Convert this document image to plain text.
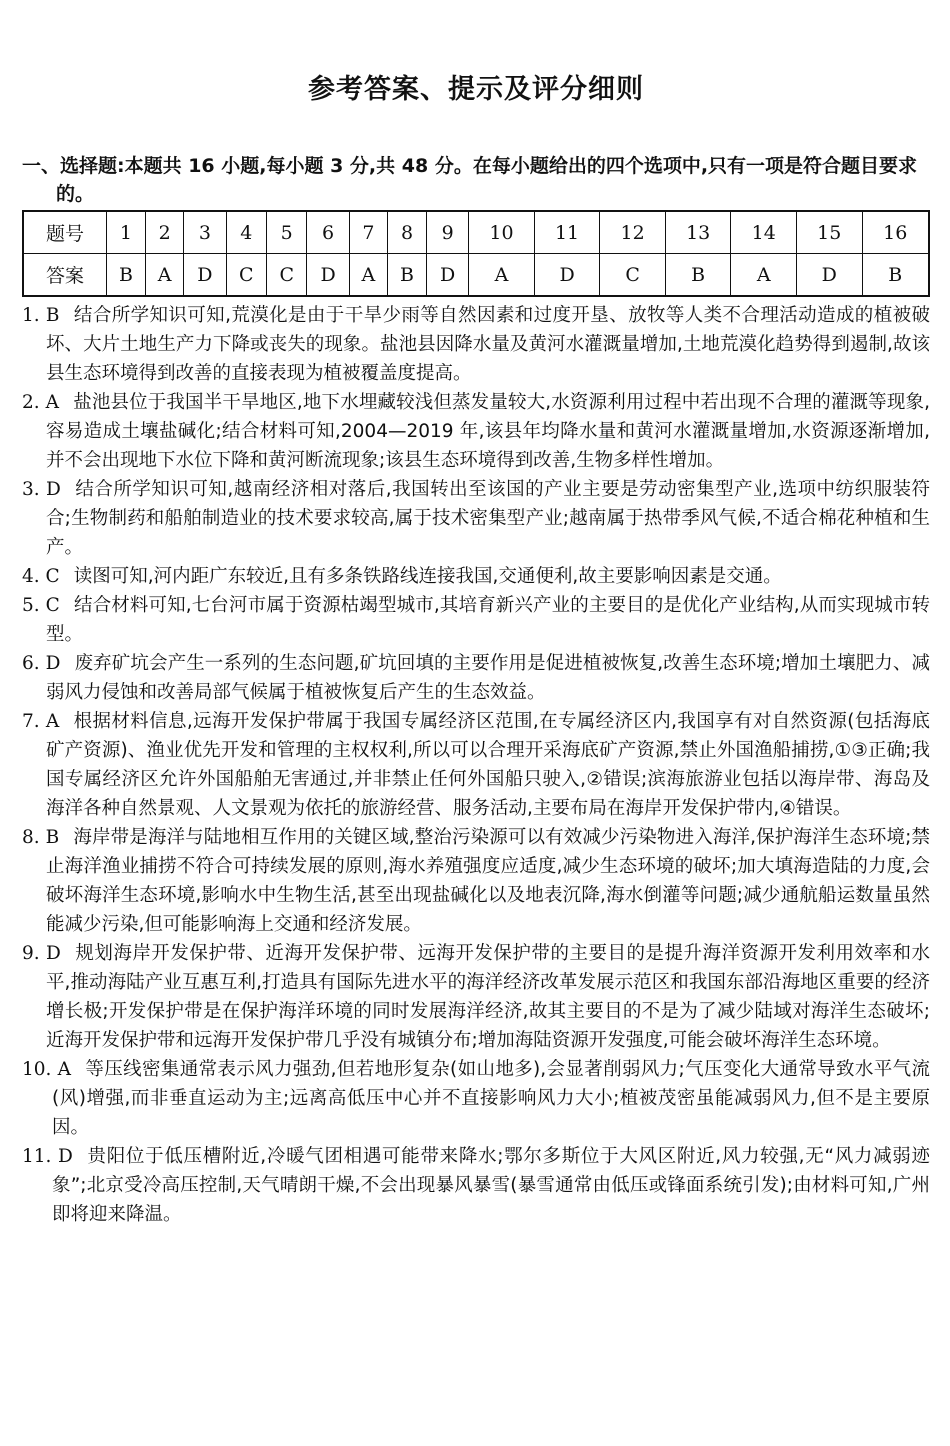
参考答案、提示及评分细则
一、选择题:本题共 16 小题,每小题 3 分,共 48 分。在每小题给出的四个选项中,只有一项是符合题目要求的。
题号	1	2	3	4	5	6	7	8	9	10	11	12	13	14	15	16
答案	B	A	D	C	C	D	A	B	D	A	D	C	B	A	D	B
1. B 结合所学知识可知,荒漠化是由于干旱少雨等自然因素和过度开垦、放牧等人类不合理活动造成的植被破坏、大片土地生产力下降或丧失的现象。盐池县因降水量及黄河水灌溉量增加,土地荒漠化趋势得到遏制,故该县生态环境得到改善的直接表现为植被覆盖度提高。
2. A 盐池县位于我国半干旱地区,地下水埋藏较浅但蒸发量较大,水资源利用过程中若出现不合理的灌溉等现象,容易造成土壤盐碱化;结合材料可知,2004—2019 年,该县年均降水量和黄河水灌溉量增加,水资源逐渐增加,并不会出现地下水位下降和黄河断流现象;该县生态环境得到改善,生物多样性增加。
3. D 结合所学知识可知,越南经济相对落后,我国转出至该国的产业主要是劳动密集型产业,选项中纺织服装符合;生物制药和船舶制造业的技术要求较高,属于技术密集型产业;越南属于热带季风气候,不适合棉花种植和生产。
4. C 读图可知,河内距广东较近,且有多条铁路线连接我国,交通便利,故主要影响因素是交通。
5. C 结合材料可知,七台河市属于资源枯竭型城市,其培育新兴产业的主要目的是优化产业结构,从而实现城市转型。
6. D 废弃矿坑会产生一系列的生态问题,矿坑回填的主要作用是促进植被恢复,改善生态环境;增加土壤肥力、减弱风力侵蚀和改善局部气候属于植被恢复后产生的生态效益。
7. A 根据材料信息,远海开发保护带属于我国专属经济区范围,在专属经济区内,我国享有对自然资源(包括海底矿产资源)、渔业优先开发和管理的主权权利,所以可以合理开采海底矿产资源,禁止外国渔船捕捞,①③正确;我国专属经济区允许外国船舶无害通过,并非禁止任何外国船只驶入,②错误;滨海旅游业包括以海岸带、海岛及海洋各种自然景观、人文景观为依托的旅游经营、服务活动,主要布局在海岸开发保护带内,④错误。
8. B 海岸带是海洋与陆地相互作用的关键区域,整治污染源可以有效减少污染物进入海洋,保护海洋生态环境;禁止海洋渔业捕捞不符合可持续发展的原则,海水养殖强度应适度,减少生态环境的破坏;加大填海造陆的力度,会破坏海洋生态环境,影响水中生物生活,甚至出现盐碱化以及地表沉降,海水倒灌等问题;减少通航船运数量虽然能减少污染,但可能影响海上交通和经济发展。
9. D 规划海岸开发保护带、近海开发保护带、远海开发保护带的主要目的是提升海洋资源开发利用效率和水平,推动海陆产业互惠互利,打造具有国际先进水平的海洋经济改革发展示范区和我国东部沿海地区重要的经济增长极;开发保护带是在保护海洋环境的同时发展海洋经济,故其主要目的不是为了减少陆域对海洋生态破坏;近海开发保护带和远海开发保护带几乎没有城镇分布;增加海陆资源开发强度,可能会破坏海洋生态环境。
10. A 等压线密集通常表示风力强劲,但若地形复杂(如山地多),会显著削弱风力;气压变化大通常导致水平气流(风)增强,而非垂直运动为主;远离高低压中心并不直接影响风力大小;植被茂密虽能减弱风力,但不是主要原因。
11. D 贵阳位于低压槽附近,冷暖气团相遇可能带来降水;鄂尔多斯位于大风区附近,风力较强,无“风力减弱迹象”;北京受冷高压控制,天气晴朗干燥,不会出现暴风暴雪(暴雪通常由低压或锋面系统引发);由材料可知,广州即将迎来降温。
